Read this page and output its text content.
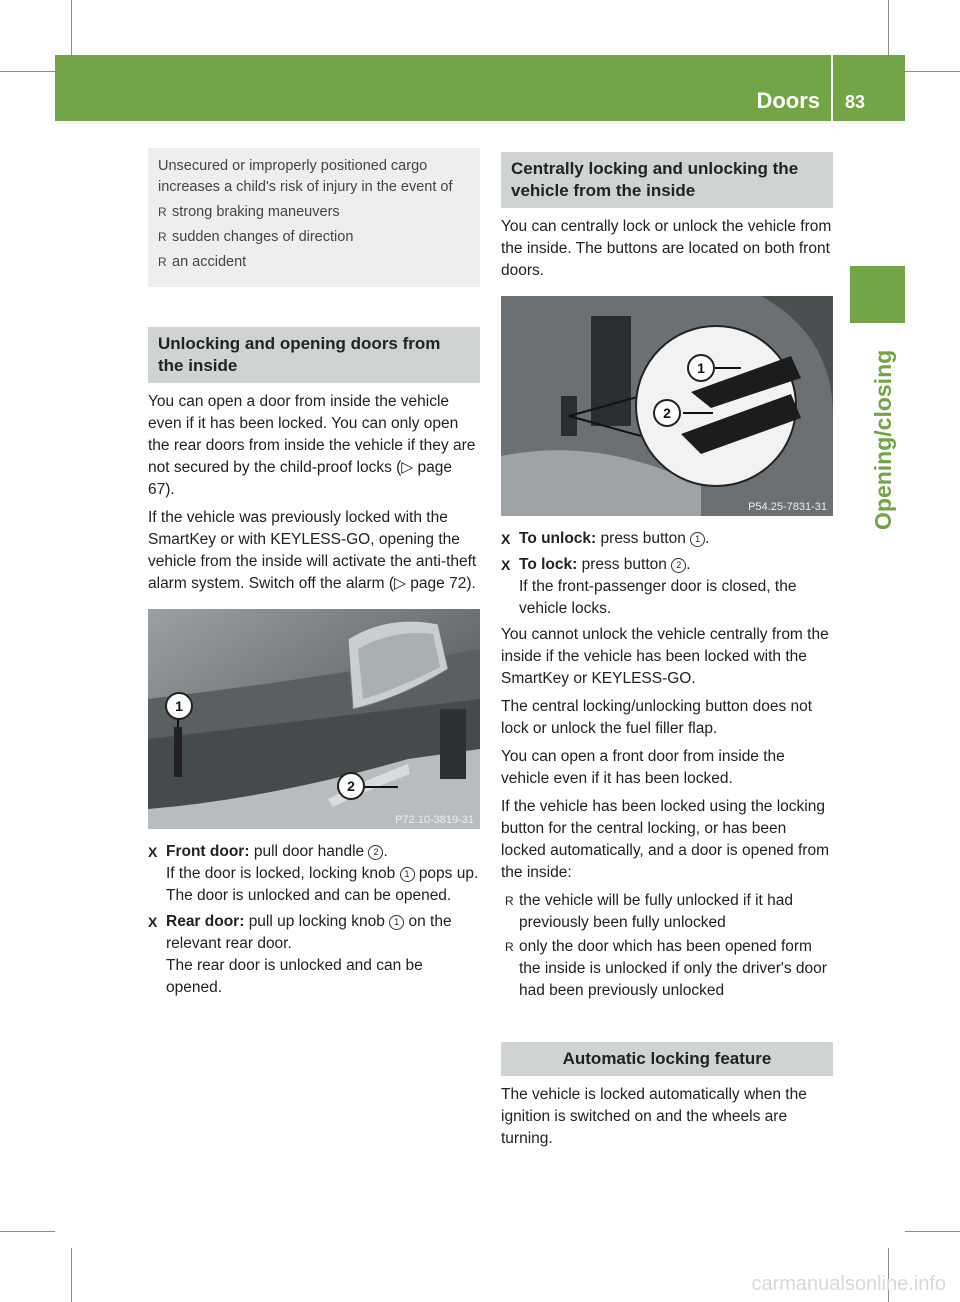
Doors 83
Opening/closing

Unsecured or improperly positioned cargo increases a child's risk of injury in the event of

R strong braking maneuvers
R sudden changes of direction
R an accident
Unlocking and opening doors from the inside

You can open a door from inside the vehicle even if it has been locked. You can only open the rear doors from inside the vehicle if they are not secured by the child-proof locks (▷ page 67).

If the vehicle was previously locked with the SmartKey or with KEYLESS-GO, opening the vehicle from the inside will activate the anti-theft alarm system. Switch off the alarm (▷ page 72).

P72.10-3819-31
1
2
X Front door: pull door handle 2 .
If the door is locked, locking knob 1 pops up. The door is unlocked and can be opened.
X Rear door: pull up locking knob 1 on the relevant rear door.
The rear door is unlocked and can be opened.
Centrally locking and unlocking the vehicle from the inside

You can centrally lock or unlock the vehicle from the inside. The buttons are located on both front doors.

P54.25-7831-31
1
2
X To unlock: press button 1 .
X To lock: press button 2 .
If the front-passenger door is closed, the vehicle locks.

You cannot unlock the vehicle centrally from the inside if the vehicle has been locked with the SmartKey or KEYLESS-GO.

The central locking/unlocking button does not lock or unlock the fuel filler flap.

You can open a front door from inside the vehicle even if it has been locked.

If the vehicle has been locked using the locking button for the central locking, or has been locked automatically, and a door is opened from the inside:

R the vehicle will be fully unlocked if it had previously been fully unlocked
R only the door which has been opened form the inside is unlocked if only the driver's door had been previously unlocked
Automatic locking feature

The vehicle is locked automatically when the ignition is switched on and the wheels are turning.

carmanualsonline.info
